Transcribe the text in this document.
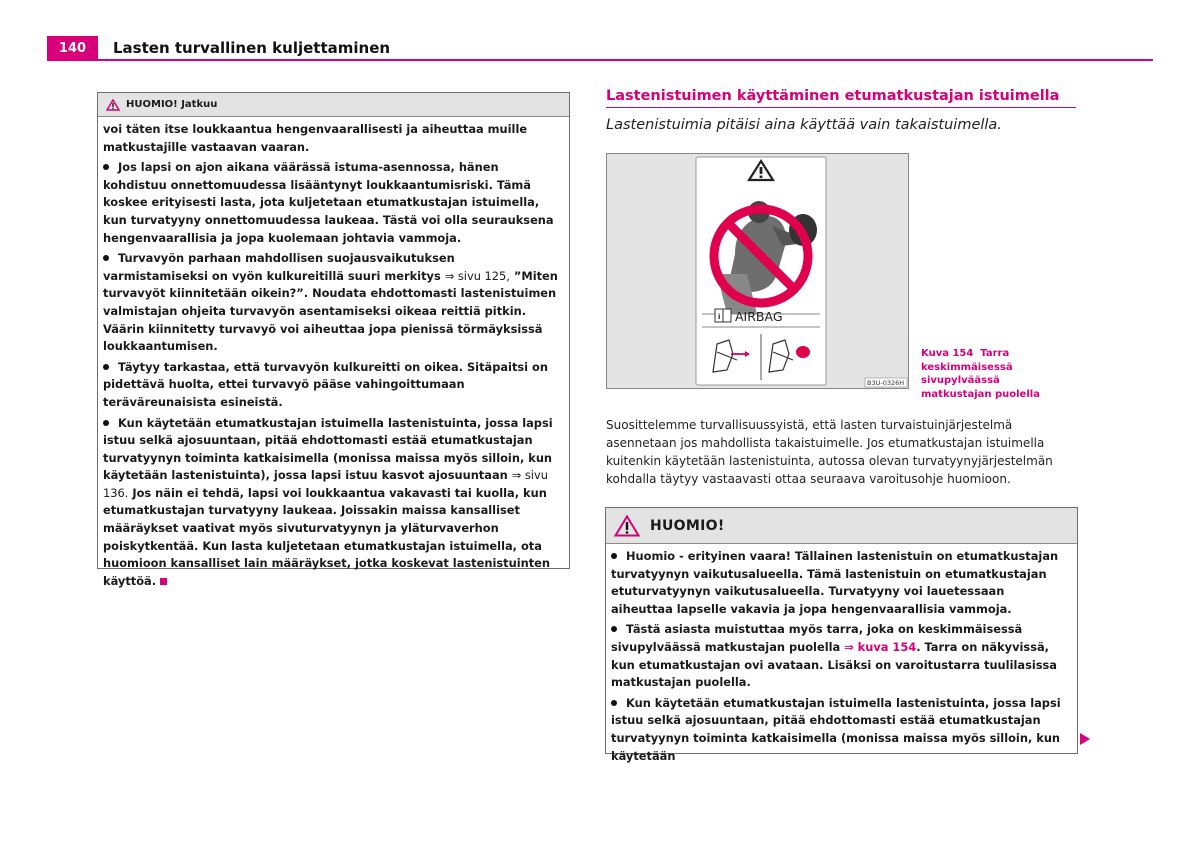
140	Lasten turvallinen kuljettaminen
HUOMIO! Jatkuu

voi täten itse loukkaantua hengenvaarallisesti ja aiheuttaa muille matkustajille vastaavan vaaran.

Jos lapsi on ajon aikana väärässä istuma-asennossa, hänen kohdistuu onnettomuudessa lisääntynyt loukkaantumisriski. Tämä koskee erityisesti lasta, jota kuljetetaan etumatkustajan istuimella, kun turvatyyny onnettomuudessa laukeaa. Tästä voi olla seurauksena hengenvaarallisia ja jopa kuolemaan johtavia vammoja.

Turvavyön parhaan mahdollisen suojausvaikutuksen varmistamiseksi on vyön kulkureitillä suuri merkitys ⇒ sivu 125, ”Miten turvavyöt kiinnitetään oikein?”. Noudata ehdottomasti lastenistuimen valmistajan ohjeita turvavyön asentamiseksi oikeaa reittiä pitkin. Väärin kiinnitetty turvavyö voi aiheuttaa jopa pienissä törmäyksissä loukkaantumisen.

Täytyy tarkastaa, että turvavyön kulkureitti on oikea. Sitäpaitsi on pidettävä huolta, ettei turvavyö pääse vahingoittumaan teräväreunaisista esineistä.

Kun käytetään etumatkustajan istuimella lastenistuinta, jossa lapsi istuu selkä ajosuuntaan, pitää ehdottomasti estää etumatkustajan turvatyynyn toiminta katkaisimella (monissa maissa myös silloin, kun käytetään lastenistuinta), jossa lapsi istuu kasvot ajosuuntaan ⇒ sivu 136. Jos näin ei tehdä, lapsi voi loukkaantua vakavasti tai kuolla, kun etumatkustajan turvatyyny laukeaa. Joissakin maissa kansalliset määräykset vaativat myös sivuturvatyynyn ja yläturvaverhon poiskytkentää. Kun lasta kuljetetaan etumatkustajan istuimella, ota huomioon kansalliset lain määräykset, jotka koskevat lastenistuinten käyttöä.

Lastenistuimen käyttäminen etumatkustajan istuimella
Lastenistuimia pitäisi aina käyttää vain takaistuimella.
i AIRBAG
B3U-0326H
Kuva 154 Tarra keskimmäisessä sivupylväässä matkustajan puolella
Suosittelemme turvallisuussyistä, että lasten turvaistuinjärjestelmä asennetaan jos mahdollista takaistuimelle. Jos etumatkustajan istuimella kuitenkin käytetään lastenistuinta, autossa olevan turvatyynyjärjestelmän kohdalla täytyy vastaavasti ottaa seuraava varoitusohje huomioon.
HUOMIO!

Huomio - erityinen vaara! Tällainen lastenistuin on etumatkustajan turvatyynyn vaikutusalueella. Tämä lastenistuin on etumatkustajan etuturvatyynyn vaikutusalueella. Turvatyyny voi lauetessaan aiheuttaa lapselle vakavia ja jopa hengenvaarallisia vammoja.

Tästä asiasta muistuttaa myös tarra, joka on keskimmäisessä sivupylväässä matkustajan puolella ⇒ kuva 154. Tarra on näkyvissä, kun etumatkustajan ovi avataan. Lisäksi on varoitustarra tuulilasissa matkustajan puolella.

Kun käytetään etumatkustajan istuimella lastenistuinta, jossa lapsi istuu selkä ajosuuntaan, pitää ehdottomasti estää etumatkustajan turvatyynyn toiminta katkaisimella (monissa maissa myös silloin, kun käytetään
